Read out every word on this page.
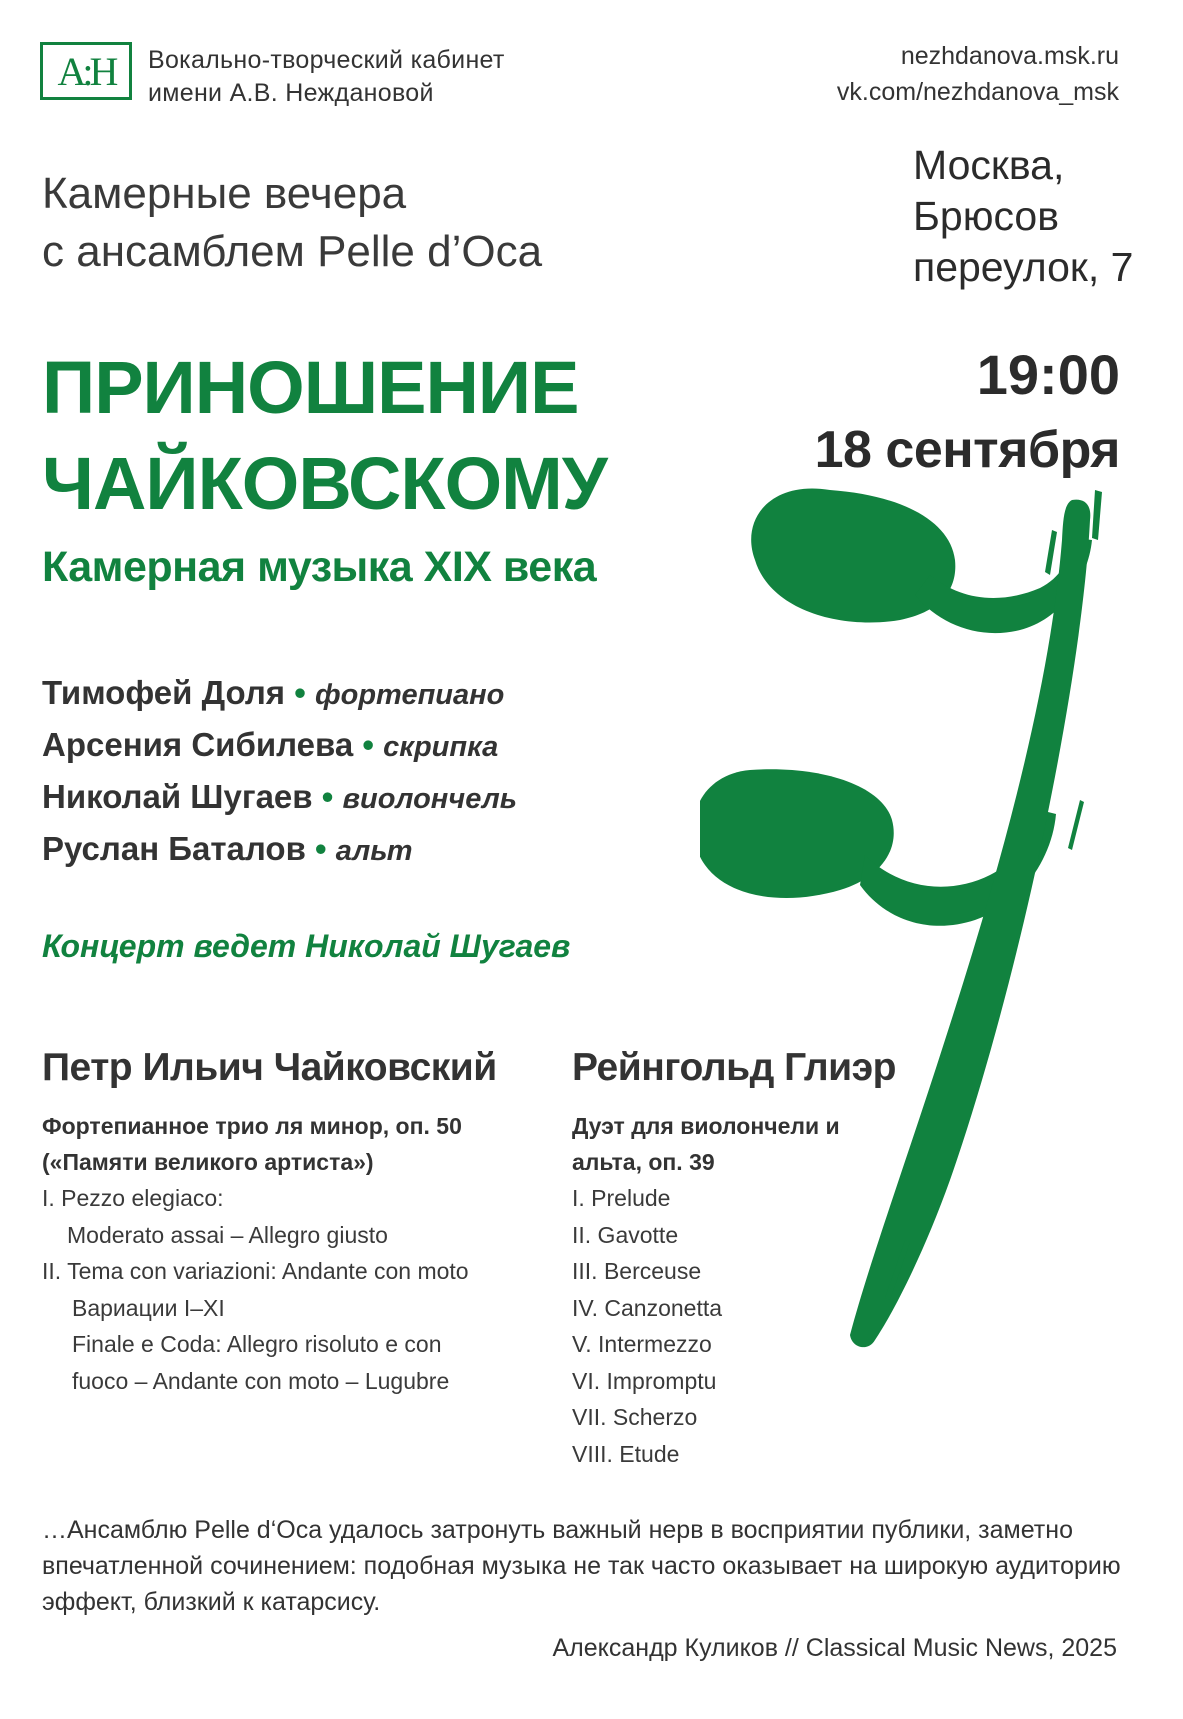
А:Н Вокально-творческий кабинет
имени А.В. Неждановой
nezhdanova.msk.ru
vk.com/nezhdanova_msk
Камерные вечера
с ансамблем Pelle d’Oca
Москва,
Брюсов
переулок, 7
ПРИНОШЕНИЕ
ЧАЙКОВСКОМУ
Камерная музыка XIX века
19:00
18 сентября
Тимофей Доля • фортепиано
Арсения Сибилева • скрипка
Николай Шугаев • виолончель
Руслан Баталов • альт
Концерт ведет Николай Шугаев
Петр Ильич Чайковский
Фортепианное трио ля минор, оп. 50
(«Памяти великого артиста»)
I. Pezzo elegiaco:
Moderato assai – Allegro giusto
II. Tema con variazioni: Andante con moto
Вариации I–XI
Finale e Coda: Allegro risoluto e con
fuoco – Andante con moto – Lugubre
Рейнгольд Глиэр
Дуэт для виолончели и
альта, оп. 39
I. Prelude
II. Gavotte
III. Berceuse
IV. Canzonetta
V. Intermezzo
VI. Impromptu
VII. Scherzo
VIII. Etude
…Ансамблю Pelle d‘Oca удалось затронуть важный нерв в восприятии публики, заметно впечатленной сочинением: подобная музыка не так часто оказывает на широкую аудиторию эффект, близкий к катарсису.
Александр Куликов // Classical Music News, 2025
